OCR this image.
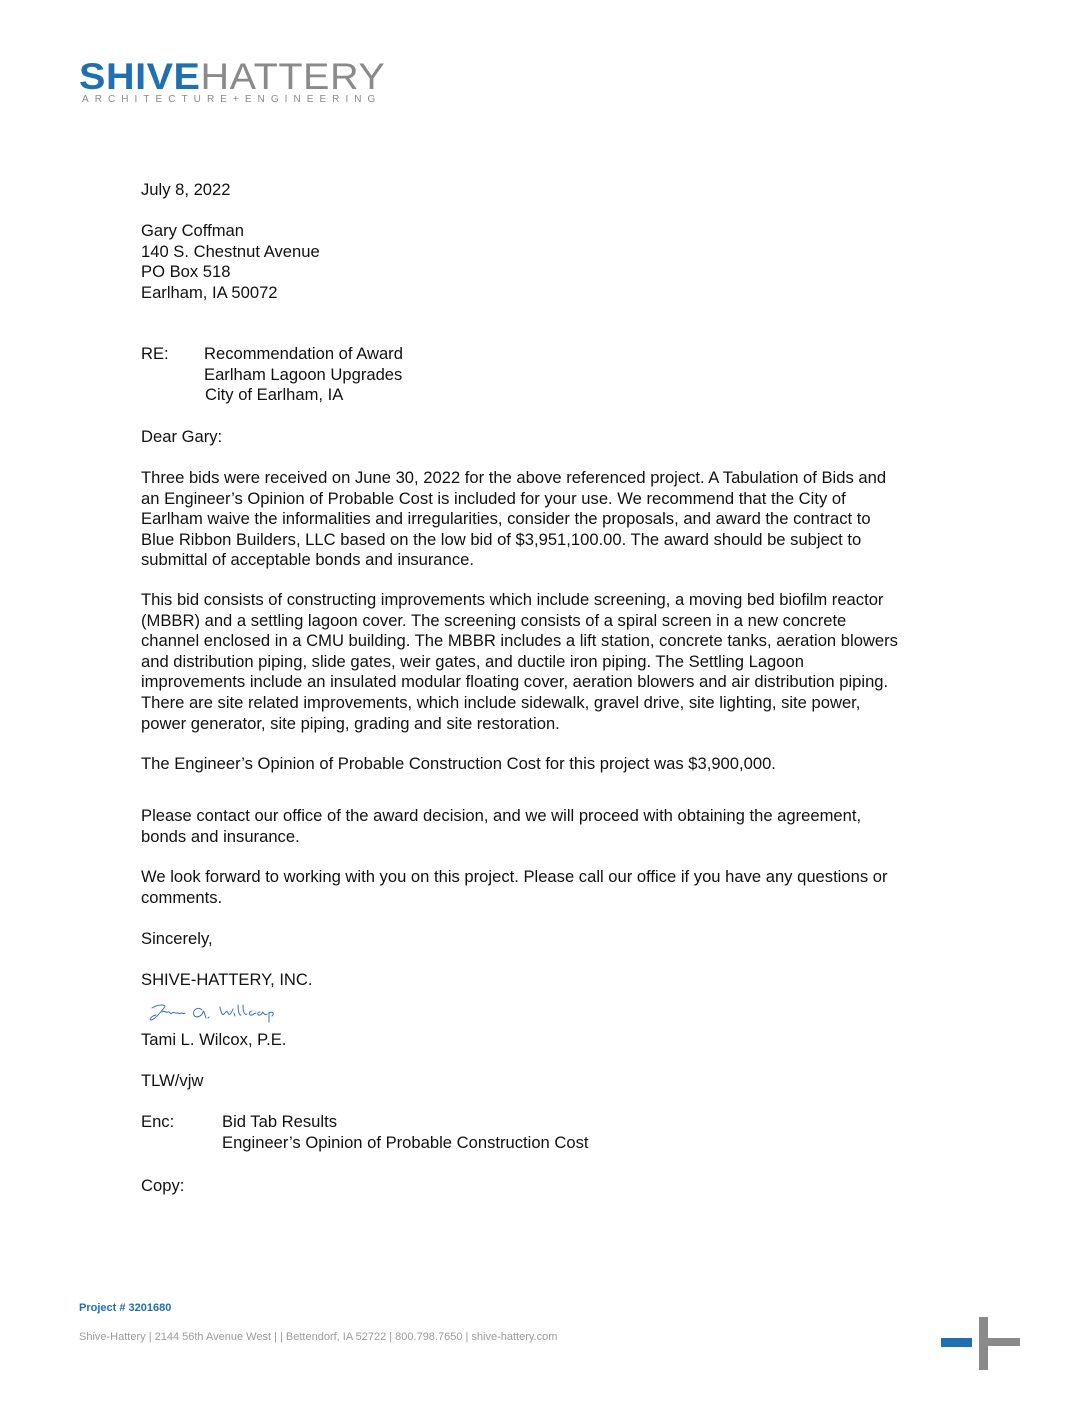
SHIVEHATTERY
ARCHITECTURE+ENGINEERING
July 8, 2022
Gary Coffman
140 S. Chestnut Avenue
PO Box 518
Earlham, IA 50072
RE: Recommendation of Award
Earlham Lagoon Upgrades
City of Earlham, IA
Dear Gary:
Three bids were received on June 30, 2022 for the above referenced project. A Tabulation of Bids and
an Engineer’s Opinion of Probable Cost is included for your use. We recommend that the City of
Earlham waive the informalities and irregularities, consider the proposals, and award the contract to
Blue Ribbon Builders, LLC based on the low bid of $3,951,100.00. The award should be subject to
submittal of acceptable bonds and insurance.
This bid consists of constructing improvements which include screening, a moving bed biofilm reactor
(MBBR) and a settling lagoon cover. The screening consists of a spiral screen in a new concrete
channel enclosed in a CMU building. The MBBR includes a lift station, concrete tanks, aeration blowers
and distribution piping, slide gates, weir gates, and ductile iron piping. The Settling Lagoon
improvements include an insulated modular floating cover, aeration blowers and air distribution piping.
There are site related improvements, which include sidewalk, gravel drive, site lighting, site power,
power generator, site piping, grading and site restoration.
The Engineer’s Opinion of Probable Construction Cost for this project was $3,900,000.
Please contact our office of the award decision, and we will proceed with obtaining the agreement,
bonds and insurance.
We look forward to working with you on this project. Please call our office if you have any questions or
comments.
Sincerely,
SHIVE-HATTERY, INC.
Tami L. Wilcox, P.E.
TLW/vjw
Enc:	Bid Tab Results
Engineer’s Opinion of Probable Construction Cost
Copy:
Project # 3201680
Shive-Hattery | 2144 56th Avenue West | | Bettendorf, IA 52722 | 800.798.7650 | shive-hattery.com
